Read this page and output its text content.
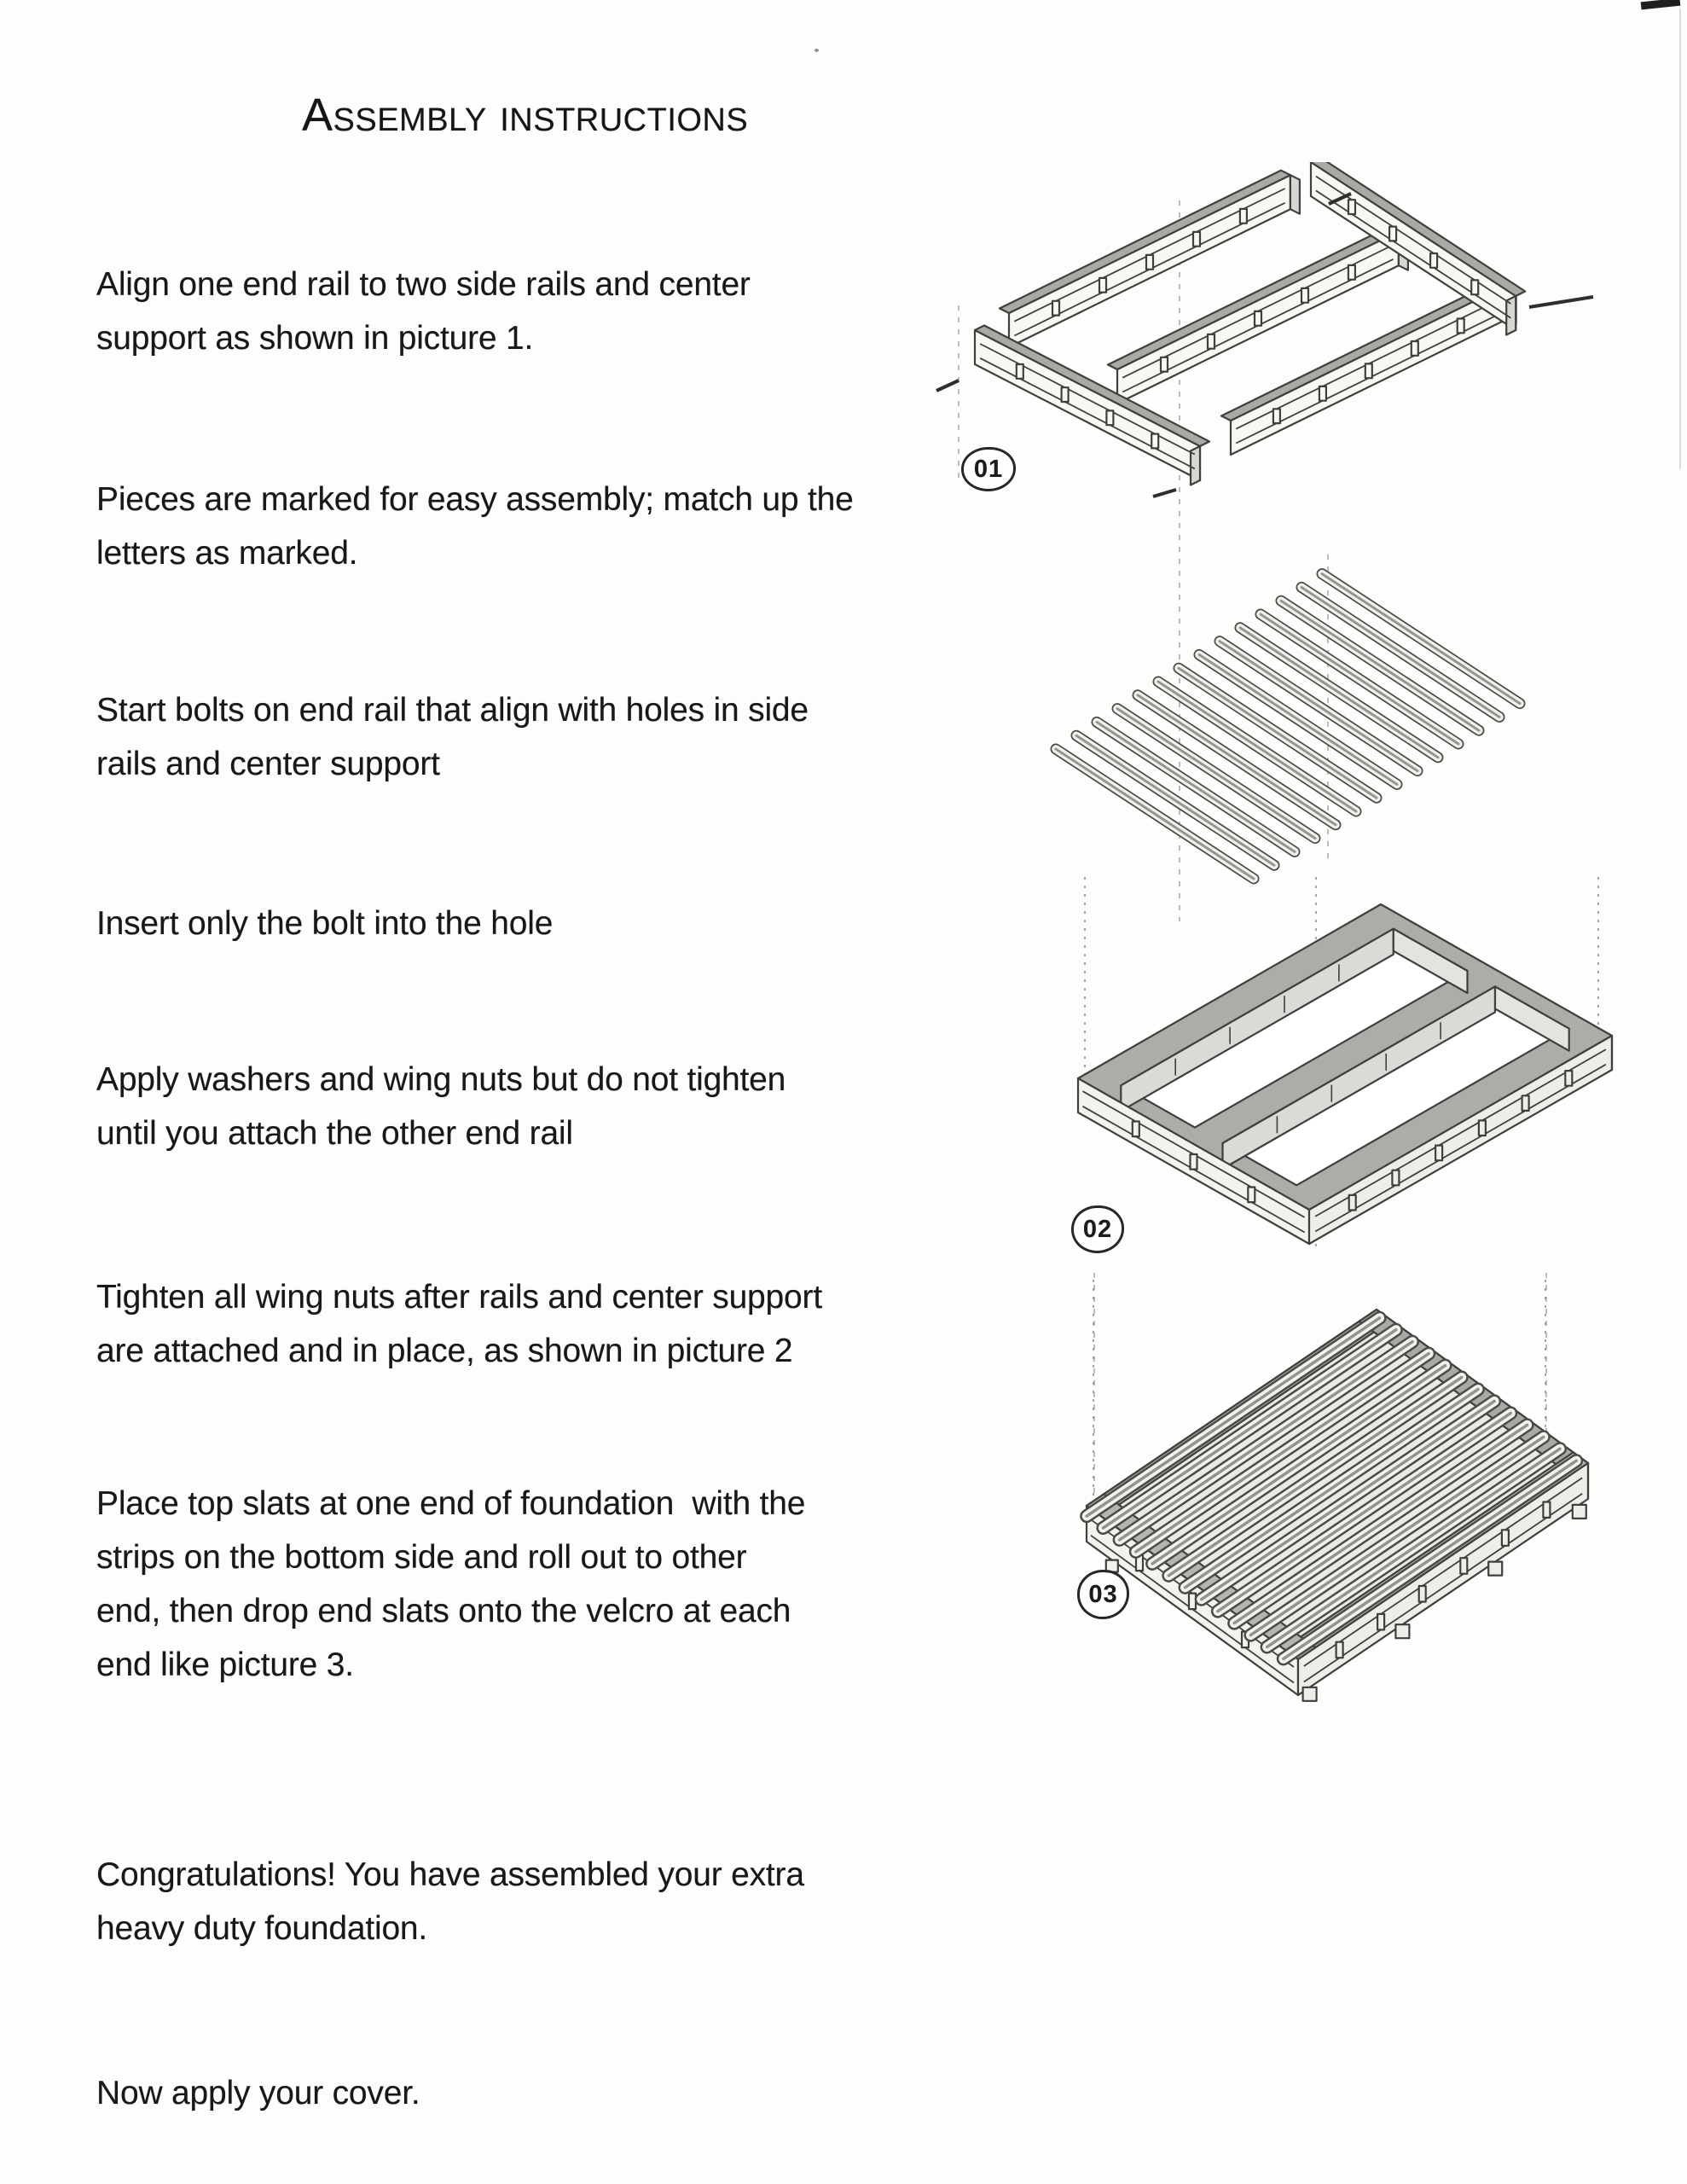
Assembly instructions
Align one end rail to two side rails and center
support as shown in picture 1.
Pieces are marked for easy assembly; match up the
letters as marked.
Start bolts on end rail that align with holes in side
rails and center support
Insert only the bolt into the hole
Apply washers and wing nuts but do not tighten
until you attach the other end rail
Tighten all wing nuts after rails and center support
are attached and in place, as shown in picture 2
Place top slats at one end of foundation  with the
strips on the bottom side and roll out to other
end, then drop end slats onto the velcro at each
end like picture 3.
Congratulations! You have assembled your extra
heavy duty foundation.
Now apply your cover.
01
02
03
